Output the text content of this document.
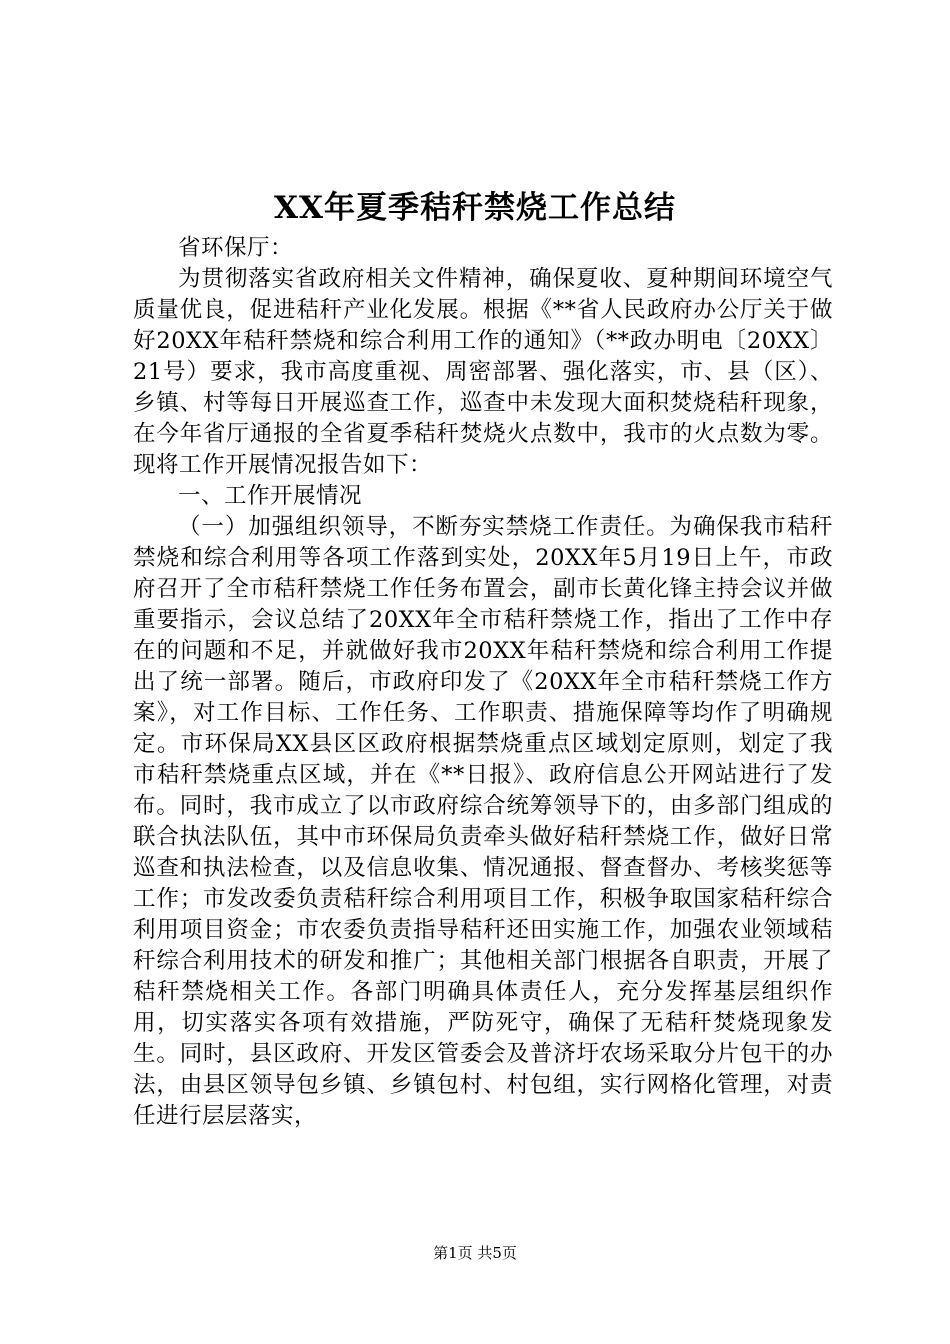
XX年夏季秸秆禁烧工作总结

省环保厅：

为贯彻落实省政府相关文件精神，确保夏收、夏种期间环境空气质量优良，促进秸秆产业化发展。根据《**省人民政府办公厅关于做好20XX年秸秆禁烧和综合利用工作的通知》（**政办明电〔20XX〕21号）要求，我市高度重视、周密部署、强化落实，市、县（区）、乡镇、村等每日开展巡查工作，巡查中未发现大面积焚烧秸秆现象，在今年省厅通报的全省夏季秸秆焚烧火点数中，我市的火点数为零。现将工作开展情况报告如下：

一、工作开展情况

（一）加强组织领导，不断夯实禁烧工作责任。为确保我市秸秆禁烧和综合利用等各项工作落到实处，20XX年5月19日上午，市政府召开了全市秸秆禁烧工作任务布置会，副市长黄化锋主持会议并做重要指示，会议总结了20XX年全市秸秆禁烧工作，指出了工作中存在的问题和不足，并就做好我市20XX年秸秆禁烧和综合利用工作提出了统一部署。随后，市政府印发了《20XX年全市秸秆禁烧工作方案》，对工作目标、工作任务、工作职责、措施保障等均作了明确规定。市环保局XX县区区政府根据禁烧重点区域划定原则，划定了我市秸秆禁烧重点区域，并在《**日报》、政府信息公开网站进行了发布。同时，我市成立了以市政府综合统筹领导下的，由多部门组成的联合执法队伍，其中市环保局负责牵头做好秸秆禁烧工作，做好日常巡查和执法检查，以及信息收集、情况通报、督查督办、考核奖惩等工作；市发改委负责秸秆综合利用项目工作，积极争取国家秸秆综合利用项目资金；市农委负责指导秸秆还田实施工作，加强农业领域秸秆综合利用技术的研发和推广；其他相关部门根据各自职责，开展了秸秆禁烧相关工作。各部门明确具体责任人，充分发挥基层组织作用，切实落实各项有效措施，严防死守，确保了无秸秆焚烧现象发生。同时，县区政府、开发区管委会及普济圩农场采取分片包干的办法，由县区领导包乡镇、乡镇包村、村包组，实行网格化管理，对责任进行层层落实，

第1页 共5页
